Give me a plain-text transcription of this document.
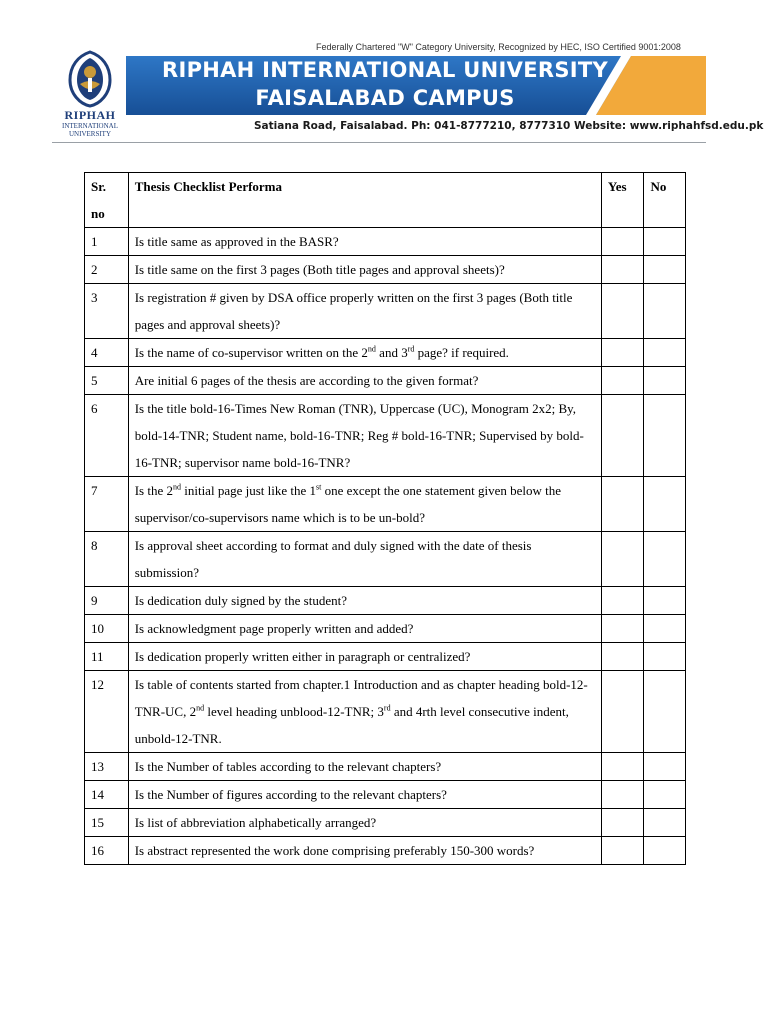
Federally Chartered "W" Category University, Recognized by HEC, ISO Certified 9001:2008
RIPHAH
INTERNATIONAL
UNIVERSITY
RIPHAH INTERNATIONAL UNIVERSITY
FAISALABAD CAMPUS
Satiana Road, Faisalabad. Ph: 041-8777210, 8777310 Website: www.riphahfsd.edu.pk
Sr.
no	Thesis Checklist Performa	Yes	No
1	Is title same as approved in the BASR?		
2	Is title same on the first 3 pages (Both title pages and approval sheets)?		
3	Is registration # given by DSA office properly written on the first 3 pages (Both title pages and approval sheets)?		
4	Is the name of co-supervisor written on the 2nd and 3rd page? if required.		
5	Are initial 6 pages of the thesis are according to the given format?		
6	Is the title bold-16-Times New Roman (TNR), Uppercase (UC), Monogram 2x2; By, bold-14-TNR; Student name, bold-16-TNR; Reg # bold-16-TNR; Supervised by bold-16-TNR; supervisor name bold-16-TNR?		
7	Is the 2nd initial page just like the 1st one except the one statement given below the supervisor/co-supervisors name which is to be un-bold?		
8	Is approval sheet according to format and duly signed with the date of thesis submission?		
9	Is dedication duly signed by the student?		
10	Is acknowledgment page properly written and added?		
11	Is dedication properly written either in paragraph or centralized?		
12	Is table of contents started from chapter.1 Introduction and as chapter heading bold-12-TNR-UC, 2nd level heading unblood-12-TNR; 3rd and 4rth level consecutive indent, unbold-12-TNR.		
13	Is the Number of tables according to the relevant chapters?		
14	Is the Number of figures according to the relevant chapters?		
15	Is list of abbreviation alphabetically arranged?		
16	Is abstract represented the work done comprising preferably 150-300 words?		
